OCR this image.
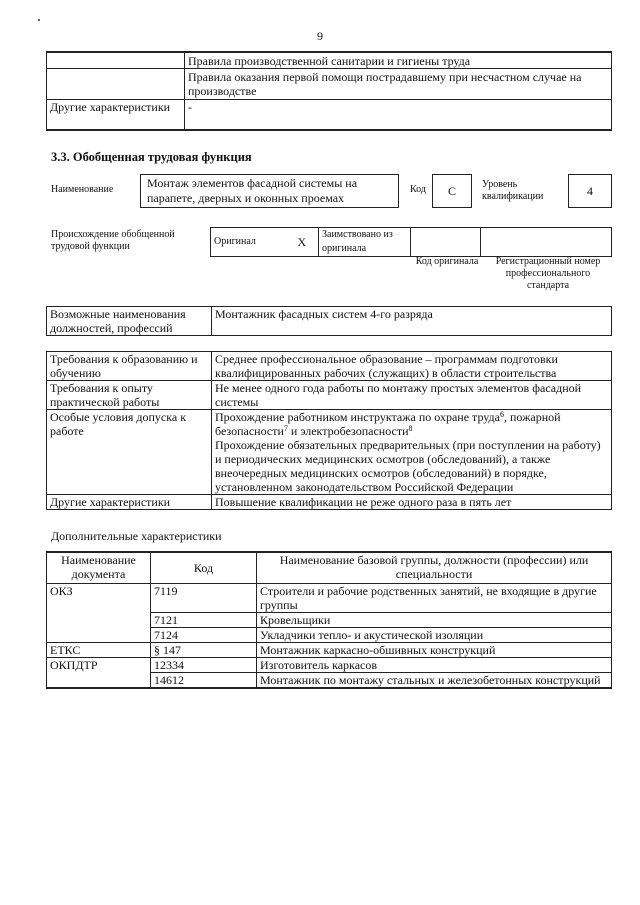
9
	Правила производственной санитарии и гигиены труда
	Правила оказания первой помощи пострадавшему при несчастном случае на производстве
Другие характеристики	-
3.3. Обобщенная трудовая функция
Наименование	Монтаж элементов фасадной системы на парапете, дверных и оконных проемах
Код	С	Уровень квалификации	4
Происхождение обобщенной трудовой функции	Оригинал	Х	Заимствовано из оригинала		
Код оригинала	Регистрационный номер профессионального стандарта
Возможные наименования должностей, профессий	Монтажник фасадных систем 4-го разряда
Требования к образованию и обучению	Среднее профессиональное образование – программам подготовки квалифицированных рабочих (служащих) в области строительства
Требования к опыту практической работы	Не менее одного года работы по монтажу простых элементов фасадной системы
Особые условия допуска к работе	Прохождение работником инструктажа по охране труда$^6$, пожарной безопасности$^7$ и электробезопасности$^8$

Прохождение обязательных предварительных (при поступлении на работу) и периодических медицинских осмотров (обследований), а также внеочередных медицинских осмотров (обследований) в порядке, установленном законодательством Российской Федерации

Другие характеристики	Повышение квалификации не реже одного раза в пять лет
Дополнительные характеристики
Наименование документа	Код	Наименование базовой группы, должности (профессии) или специальности
ОКЗ	7119	Строители и рабочие родственных занятий, не входящие в другие группы
	7121	Кровельщики
	7124	Укладчики тепло- и акустической изоляции
ЕТКС	§ 147	Монтажник каркасно-обшивных конструкций
ОКПДТР	12334	Изготовитель каркасов
	14612	Монтажник по монтажу стальных и железобетонных конструкций
